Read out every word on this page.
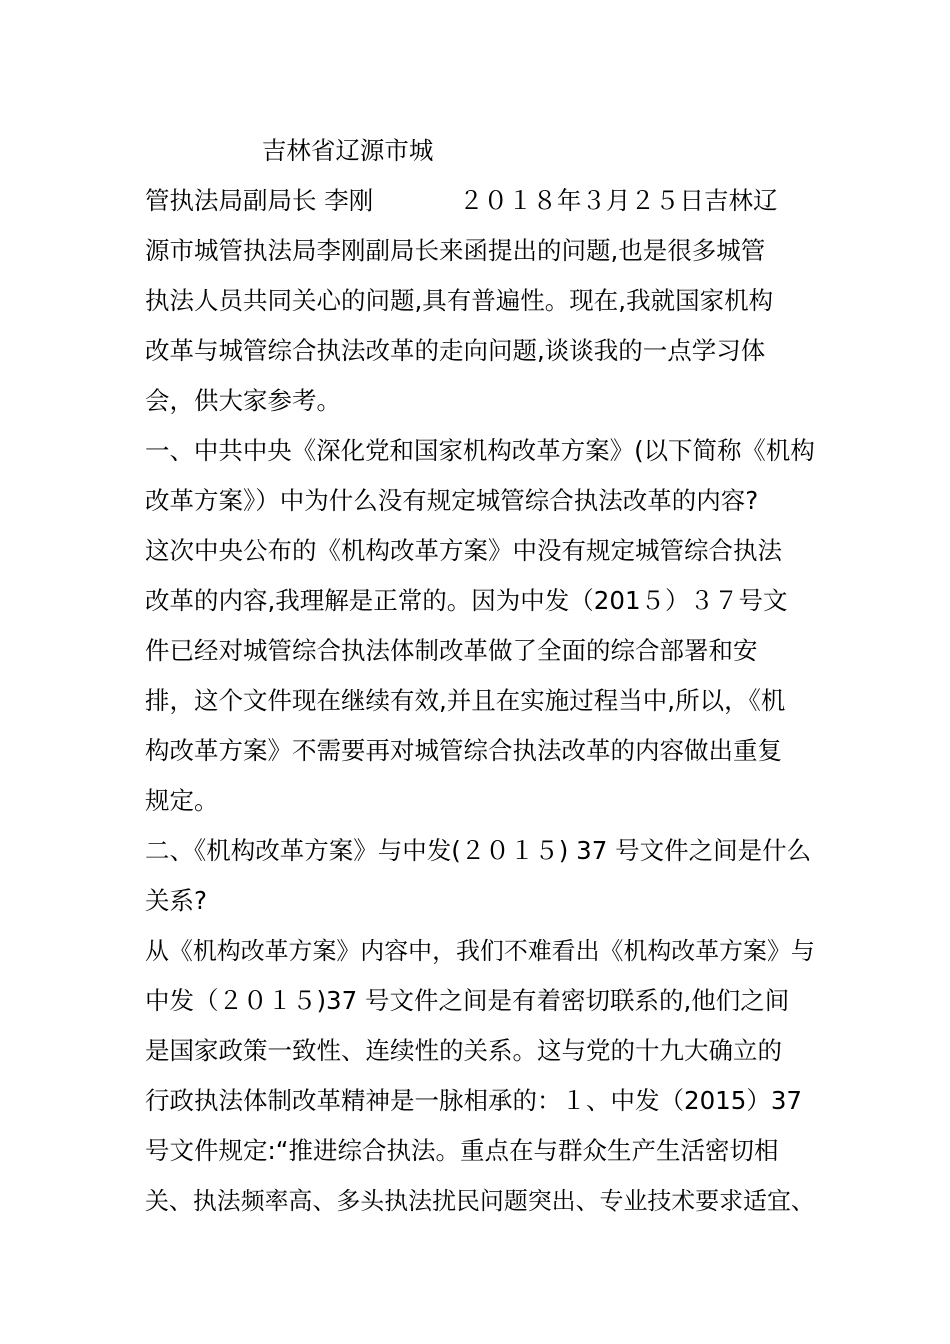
吉林省辽源市城
管执法局副局长 李刚           ２０１８年３月２５日吉林辽
源市城管执法局李刚副局长来函提出的问题,也是很多城管
执法人员共同关心的问题,具有普遍性。现在,我就国家机构
改革与城管综合执法改革的走向问题,谈谈我的一点学习体
会，供大家参考。
一、中共中央《深化党和国家机构改革方案》(以下简称《机构
改革方案》）中为什么没有规定城管综合执法改革的内容?
这次中央公布的《机构改革方案》中没有规定城管综合执法
改革的内容,我理解是正常的。因为中发（201５）３７号文
件已经对城管综合执法体制改革做了全面的综合部署和安
排，这个文件现在继续有效,并且在实施过程当中,所以，《机
构改革方案》不需要再对城管综合执法改革的内容做出重复
规定。
二、《机构改革方案》与中发(２０１５) 37 号文件之间是什么
关系?
从《机构改革方案》内容中，我们不难看出《机构改革方案》与
中发（２０１５)37 号文件之间是有着密切联系的,他们之间
是国家政策一致性、连续性的关系。这与党的十九大确立的
行政执法体制改革精神是一脉相承的：１、中发（2015）37
号文件规定:“推进综合执法。重点在与群众生产生活密切相
关、执法频率高、多头执法扰民问题突出、专业技术要求适宜、
